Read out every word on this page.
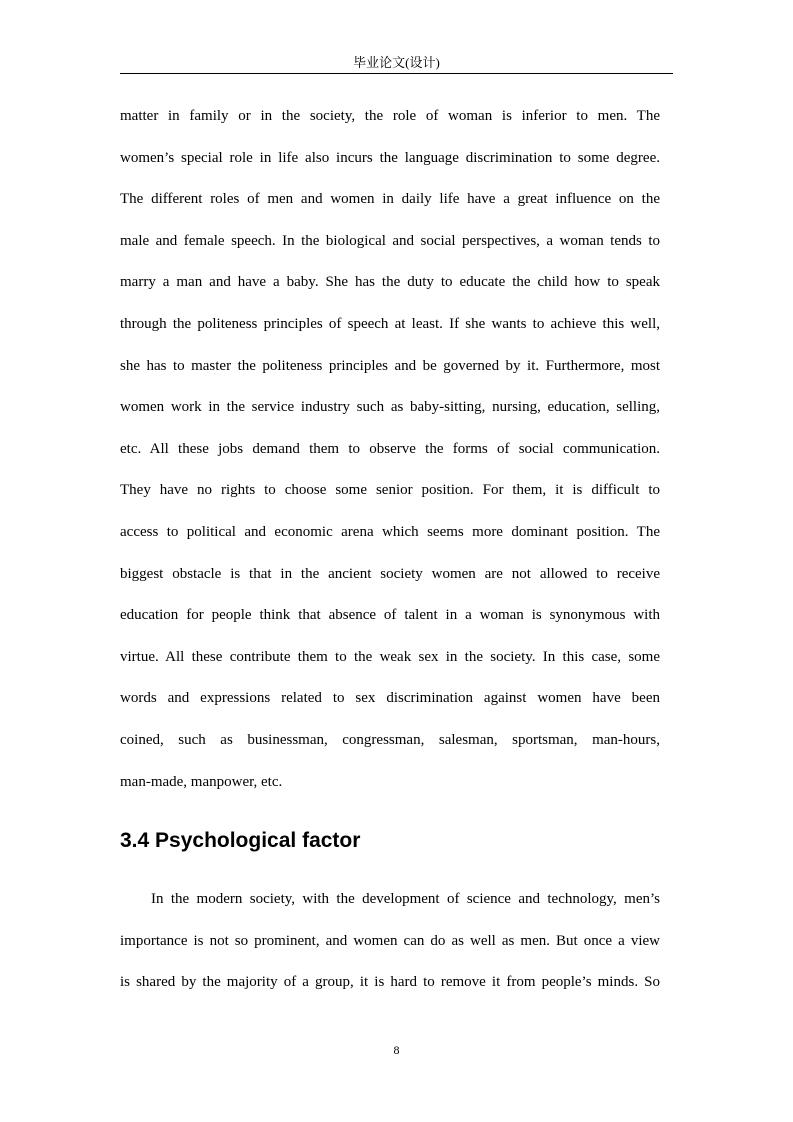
毕业论文(设计)
matter in family or in the society, the role of woman is inferior to men. The
women’s special role in life also incurs the language discrimination to some degree.
The different roles of men and women in daily life have a great influence on the
male and female speech. In the biological and social perspectives, a woman tends to
marry a man and have a baby. She has the duty to educate the child how to speak
through the politeness principles of speech at least. If she wants to achieve this well,
she has to master the politeness principles and be governed by it. Furthermore, most
women work in the service industry such as baby-sitting, nursing, education, selling,
etc. All these jobs demand them to observe the forms of social communication.
They have no rights to choose some senior position. For them, it is difficult to
access to political and economic arena which seems more dominant position. The
biggest obstacle is that in the ancient society women are not allowed to receive
education for people think that absence of talent in a woman is synonymous with
virtue. All these contribute them to the weak sex in the society. In this case, some
words and expressions related to sex discrimination against women have been
coined, such as businessman, congressman, salesman, sportsman, man-hours,
man-made, manpower, etc.
3.4 Psychological factor
In the modern society, with the development of science and technology, men’s
importance is not so prominent, and women can do as well as men. But once a view
is shared by the majority of a group, it is hard to remove it from people’s minds. So
8
